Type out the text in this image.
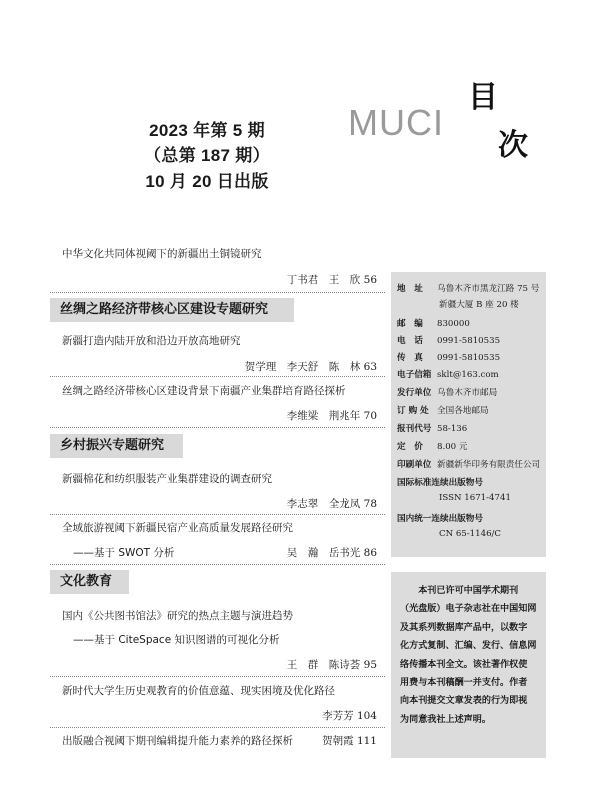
2023 年第 5 期
（总第 187 期）
10 月 20 日出版
MUCI
目
次
中华文化共同体视阈下的新疆出土铜镜研究
丁书君　王　欣 56
丝绸之路经济带核心区建设专题研究
新疆打造内陆开放和沿边开放高地研究
贺学理　李天舒　陈　林 63
丝绸之路经济带核心区建设背景下南疆产业集群培育路径探析
李维梁　荆兆年 70
乡村振兴专题研究
新疆棉花和纺织服装产业集群建设的调查研究
李志翠　全龙凤 78
全域旅游视阈下新疆民宿产业高质量发展路径研究
——基于 SWOT 分析	吴　瀚　岳书光 86
文化教育
国内《公共图书馆法》研究的热点主题与演进趋势
——基于 CiteSpace 知识图谱的可视化分析
王　群　陈诗荟 95
新时代大学生历史观教育的价值意蕴、现实困境及优化路径
李芳芳 104
出版融合视阈下期刊编辑提升能力素养的路径探析	贺朝霞 111
地　址 乌鲁木齐市黑龙江路 75 号
新疆大厦 B 座 20 楼
邮　编 830000
电　话 0991-5810535
传　真 0991-5810535
电子信箱 sklt@163.com
发行单位 乌鲁木齐市邮局
订 购 处 全国各地邮局
报刊代号 58-136
定　价 8.00 元
印刷单位 新疆新华印务有限责任公司
国际标准连续出版物号
ISSN 1671-4741
国内统一连续出版物号
CN 65-1146/C
　　本刊已许可中国学术期刊
（光盘版）电子杂志社在中国知网
及其系列数据库产品中，以数字
化方式复制、汇编、发行、信息网
络传播本刊全文。该社著作权使
用费与本刊稿酬一并支付。作者
向本刊提交文章发表的行为即视
为同意我社上述声明。
